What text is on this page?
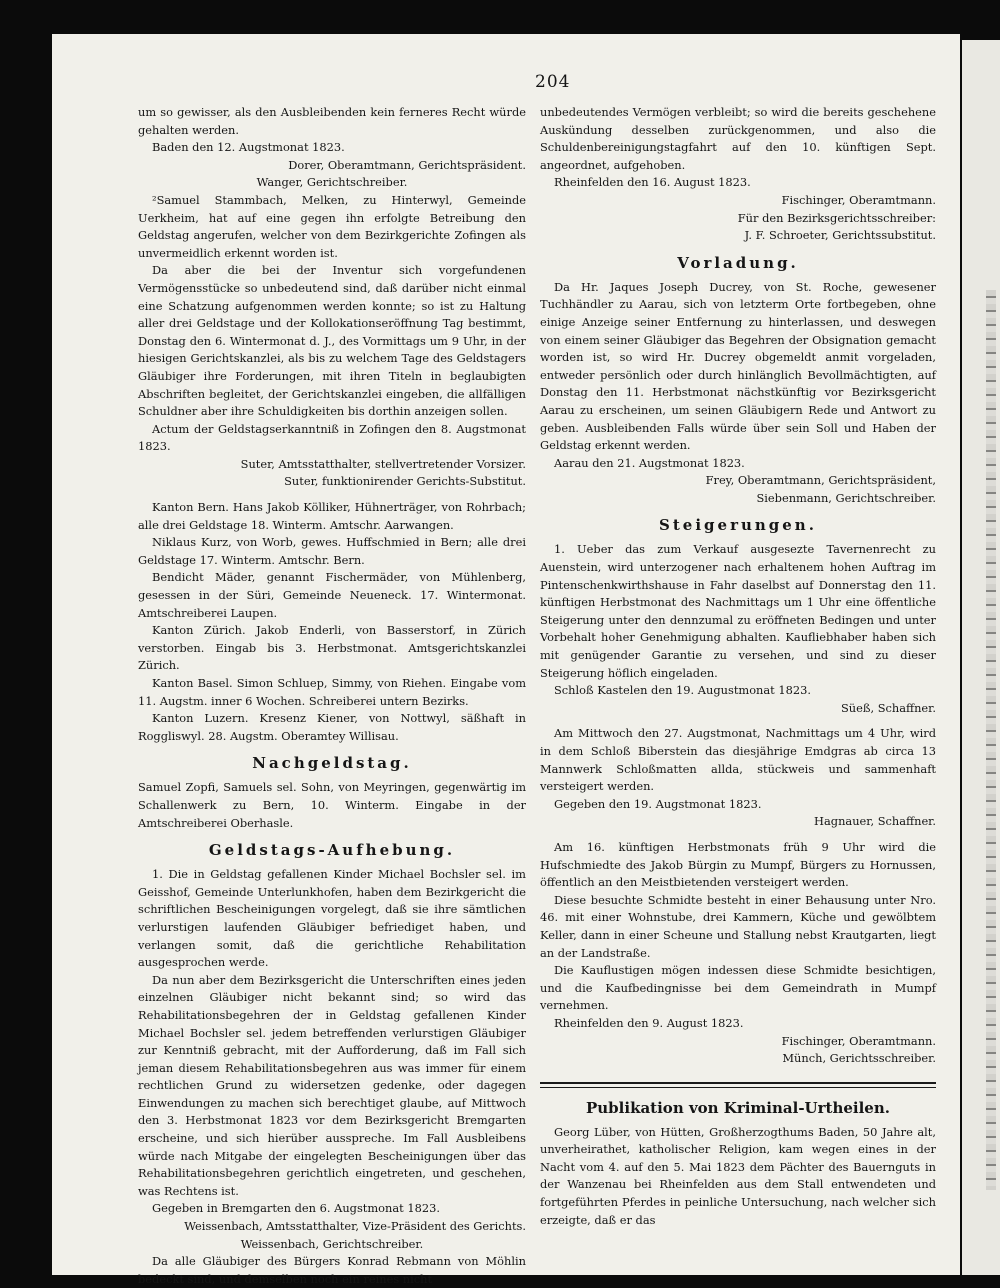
204

um so gewisser, als den Ausbleibenden kein ferneres Recht würde gehalten werden.

Baden den 12. Augstmonat 1823.

Dorer, Oberamtmann, Gerichtspräsident.

Wanger, Gerichtschreiber.

²Samuel Stammbach, Melken, zu Hinterwyl, Gemeinde Uerkheim, hat auf eine gegen ihn erfolgte Betreibung den Geldstag angerufen, welcher von dem Bezirkgerichte Zofingen als unvermeidlich erkennt worden ist.

Da aber die bei der Inventur sich vorgefundenen Vermögensstücke so unbedeutend sind, daß darüber nicht einmal eine Schatzung aufgenommen werden konnte; so ist zu Haltung aller drei Geldstage und der Kollokationseröffnung Tag bestimmt, Donstag den 6. Wintermonat d. J., des Vormittags um 9 Uhr, in der hiesigen Gerichtskanzlei, als bis zu welchem Tage des Geldstagers Gläubiger ihre Forderungen, mit ihren Titeln in beglaubigten Abschriften begleitet, der Gerichtskanzlei eingeben, die allfälligen Schuldner aber ihre Schuldigkeiten bis dorthin anzeigen sollen.

Actum der Geldstagserkanntniß in Zofingen den 8. Augstmonat 1823.

Suter, Amtsstatthalter, stellvertretender Vorsizer.

Suter, funktionirender Gerichts-Substitut.

Kanton Bern. Hans Jakob Kölliker, Hühnerträger, von Rohrbach; alle drei Geldstage 18. Winterm. Amtschr. Aarwangen.

Niklaus Kurz, von Worb, gewes. Huffschmied in Bern; alle drei Geldstage 17. Winterm. Amtschr. Bern.

Bendicht Mäder, genannt Fischermäder, von Mühlenberg, gesessen in der Süri, Gemeinde Neueneck. 17. Wintermonat. Amtschreiberei Laupen.

Kanton Zürich. Jakob Enderli, von Basserstorf, in Zürich verstorben. Eingab bis 3. Herbstmonat. Amtsgerichtskanzlei Zürich.

Kanton Basel. Simon Schluep, Simmy, von Riehen. Eingabe vom 11. Augstm. inner 6 Wochen. Schreiberei untern Bezirks.

Kanton Luzern. Kresenz Kiener, von Nottwyl, säßhaft in Roggliswyl. 28. Augstm. Oberamtey Willisau.

Nachgeldstag.

Samuel Zopfi, Samuels sel. Sohn, von Meyringen, gegenwärtig im Schallenwerk zu Bern, 10. Winterm. Eingabe in der Amtschreiberei Oberhasle.

Geldstags-Aufhebung.

1. Die in Geldstag gefallenen Kinder Michael Bochsler sel. im Geisshof, Gemeinde Unterlunkhofen, haben dem Bezirkgericht die schriftlichen Bescheinigungen vorgelegt, daß sie ihre sämtlichen verlurstigen laufenden Gläubiger befriediget haben, und verlangen somit, daß die gerichtliche Rehabilitation ausgesprochen werde.

Da nun aber dem Bezirksgericht die Unterschriften eines jeden einzelnen Gläubiger nicht bekannt sind; so wird das Rehabilitationsbegehren der in Geldstag gefallenen Kinder Michael Bochsler sel. jedem betreffenden verlurstigen Gläubiger zur Kenntniß gebracht, mit der Aufforderung, daß im Fall sich jeman diesem Rehabilitationsbegehren aus was immer für einem rechtlichen Grund zu widersetzen gedenke, oder dagegen Einwendungen zu machen sich berechtiget glaube, auf Mittwoch den 3. Herbstmonat 1823 vor dem Bezirksgericht Bremgarten erscheine, und sich hierüber ausspreche. Im Fall Ausbleibens würde nach Mitgabe der eingelegten Bescheinigungen über das Rehabilitationsbegehren gerichtlich eingetreten, und geschehen, was Rechtens ist.

Gegeben in Bremgarten den 6. Augstmonat 1823.

Weissenbach, Amtsstatthalter, Vize-Präsident des Gerichts.

Weissenbach, Gerichtschreiber.

Da alle Gläubiger des Bürgers Konrad Rebmann von Möhlin bedeckt sind, und demselben noch ein reines nicht

unbedeutendes Vermögen verbleibt; so wird die bereits geschehene Auskündung desselben zurückgenommen, und also die Schuldenbereinigungstagfahrt auf den 10. künftigen Sept. angeordnet, aufgehoben.

Rheinfelden den 16. August 1823.

Fischinger, Oberamtmann.

Für den Bezirksgerichtsschreiber:

J. F. Schroeter, Gerichtssubstitut.

Vorladung.

Da Hr. Jaques Joseph Ducrey, von St. Roche, gewesener Tuchhändler zu Aarau, sich von letzterm Orte fortbegeben, ohne einige Anzeige seiner Entfernung zu hinterlassen, und deswegen von einem seiner Gläubiger das Begehren der Obsignation gemacht worden ist, so wird Hr. Ducrey obgemeldt anmit vorgeladen, entweder persönlich oder durch hinlänglich Bevollmächtigten, auf Donstag den 11. Herbstmonat nächstkünftig vor Bezirksgericht Aarau zu erscheinen, um seinen Gläubigern Rede und Antwort zu geben. Ausbleibenden Falls würde über sein Soll und Haben der Geldstag erkennt werden.

Aarau den 21. Augstmonat 1823.

Frey, Oberamtmann, Gerichtspräsident,

Siebenmann, Gerichtschreiber.

Steigerungen.

1. Ueber das zum Verkauf ausgesezte Tavernenrecht zu Auenstein, wird unterzogener nach erhaltenem hohen Auftrag im Pintenschenkwirthshause in Fahr daselbst auf Donnerstag den 11. künftigen Herbstmonat des Nachmittags um 1 Uhr eine öffentliche Steigerung unter den dennzumal zu eröffneten Bedingen und unter Vorbehalt hoher Genehmigung abhalten. Kaufliebhaber haben sich mit genügender Garantie zu versehen, und sind zu dieser Steigerung höflich eingeladen.

Schloß Kastelen den 19. Augustmonat 1823.

Süeß, Schaffner.

Am Mittwoch den 27. Augstmonat, Nachmittags um 4 Uhr, wird in dem Schloß Biberstein das diesjährige Emdgras ab circa 13 Mannwerk Schloßmatten allda, stückweis und sammenhaft versteigert werden.

Gegeben den 19. Augstmonat 1823.

Hagnauer, Schaffner.

Am 16. künftigen Herbstmonats früh 9 Uhr wird die Hufschmiedte des Jakob Bürgin zu Mumpf, Bürgers zu Hornussen, öffentlich an den Meistbietenden versteigert werden.

Diese besuchte Schmidte besteht in einer Behausung unter Nro. 46. mit einer Wohnstube, drei Kammern, Küche und gewölbtem Keller, dann in einer Scheune und Stallung nebst Krautgarten, liegt an der Landstraße.

Die Kauflustigen mögen indessen diese Schmidte besichtigen, und die Kaufbedingnisse bei dem Gemeindrath in Mumpf vernehmen.

Rheinfelden den 9. August 1823.

Fischinger, Oberamtmann.

Münch, Gerichtsschreiber.

Publikation von Kriminal-Urtheilen.

Georg Lüber, von Hütten, Großherzogthums Baden, 50 Jahre alt, unverheirathet, katholischer Religion, kam wegen eines in der Nacht vom 4. auf den 5. Mai 1823 dem Pächter des Bauernguts in der Wanzenau bei Rheinfelden aus dem Stall entwendeten und fortgeführten Pferdes in peinliche Untersuchung, nach welcher sich erzeigte, daß er das
